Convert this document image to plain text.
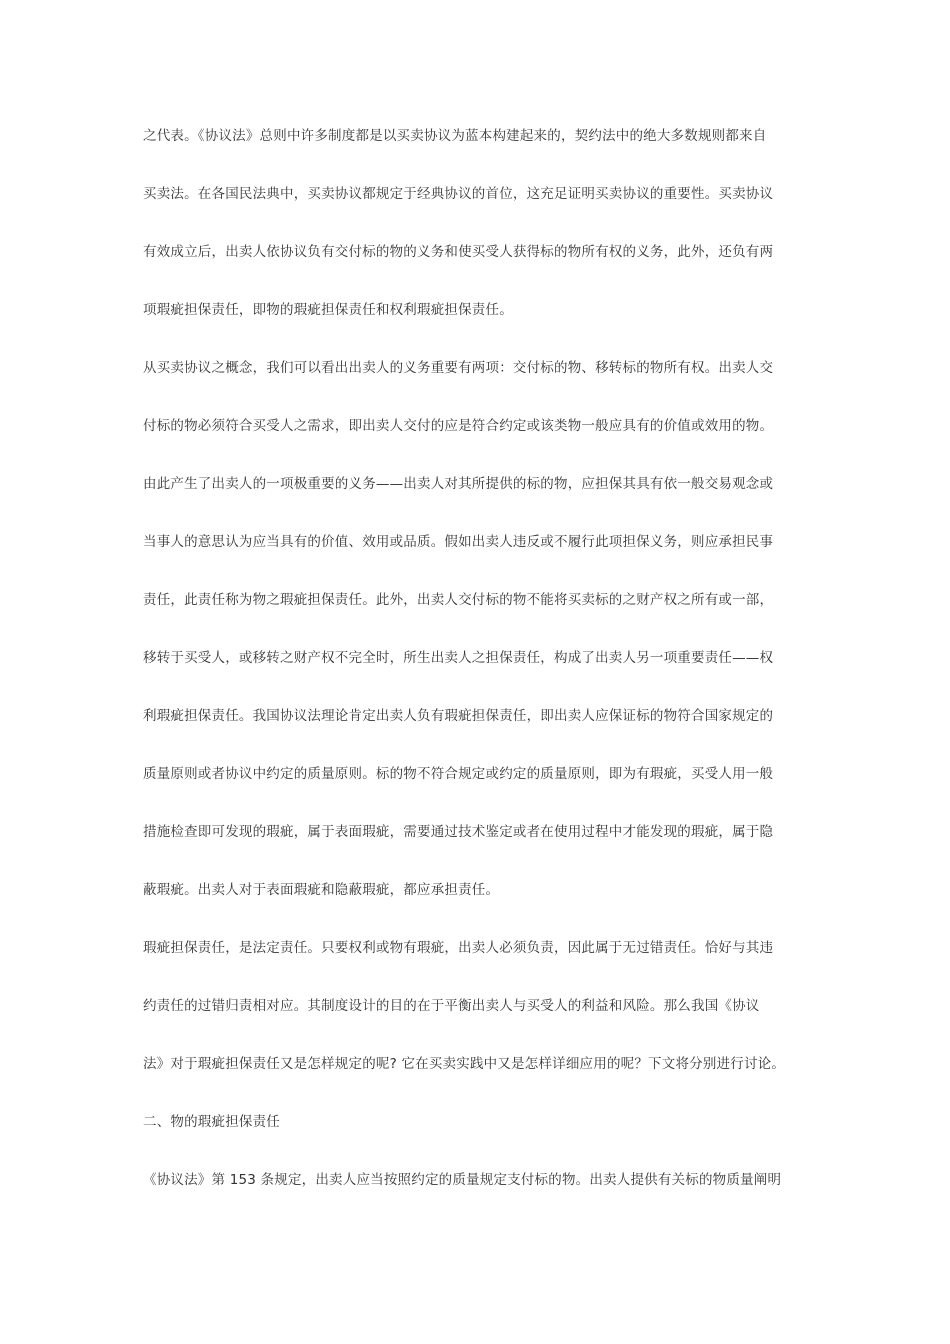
之代表。《协议法》总则中许多制度都是以买卖协议为蓝本构建起来的，契约法中的绝大多数规则都来自
买卖法。在各国民法典中，买卖协议都规定于经典协议的首位，这充足证明买卖协议的重要性。买卖协议
有效成立后，出卖人依协议负有交付标的物的义务和使买受人获得标的物所有权的义务，此外，还负有两
项瑕疵担保责任，即物的瑕疵担保责任和权利瑕疵担保责任。
从买卖协议之概念，我们可以看出出卖人的义务重要有两项：交付标的物、移转标的物所有权。出卖人交
付标的物必须符合买受人之需求，即出卖人交付的应是符合约定或该类物一般应具有的价值或效用的物。
由此产生了出卖人的一项极重要的义务——出卖人对其所提供的标的物，应担保其具有依一般交易观念或
当事人的意思认为应当具有的价值、效用或品质。假如出卖人违反或不履行此项担保义务，则应承担民事
责任，此责任称为物之瑕疵担保责任。此外，出卖人交付标的物不能将买卖标的之财产权之所有或一部，
移转于买受人，或移转之财产权不完全时，所生出卖人之担保责任，构成了出卖人另一项重要责任——权
利瑕疵担保责任。我国协议法理论肯定出卖人负有瑕疵担保责任，即出卖人应保证标的物符合国家规定的
质量原则或者协议中约定的质量原则。标的物不符合规定或约定的质量原则，即为有瑕疵，买受人用一般
措施检查即可发现的瑕疵，属于表面瑕疵，需要通过技术鉴定或者在使用过程中才能发现的瑕疵，属于隐
蔽瑕疵。出卖人对于表面瑕疵和隐蔽瑕疵，都应承担责任。
瑕疵担保责任，是法定责任。只要权利或物有瑕疵，出卖人必须负责，因此属于无过错责任。恰好与其违
约责任的过错归责相对应。其制度设计的目的在于平衡出卖人与买受人的利益和风险。那么我国《协议
法》对于瑕疵担保责任又是怎样规定的呢? 它在买卖实践中又是怎样详细应用的呢？下文将分别进行讨论。
二、物的瑕疵担保责任
《协议法》第 153 条规定，出卖人应当按照约定的质量规定支付标的物。出卖人提供有关标的物质量阐明
